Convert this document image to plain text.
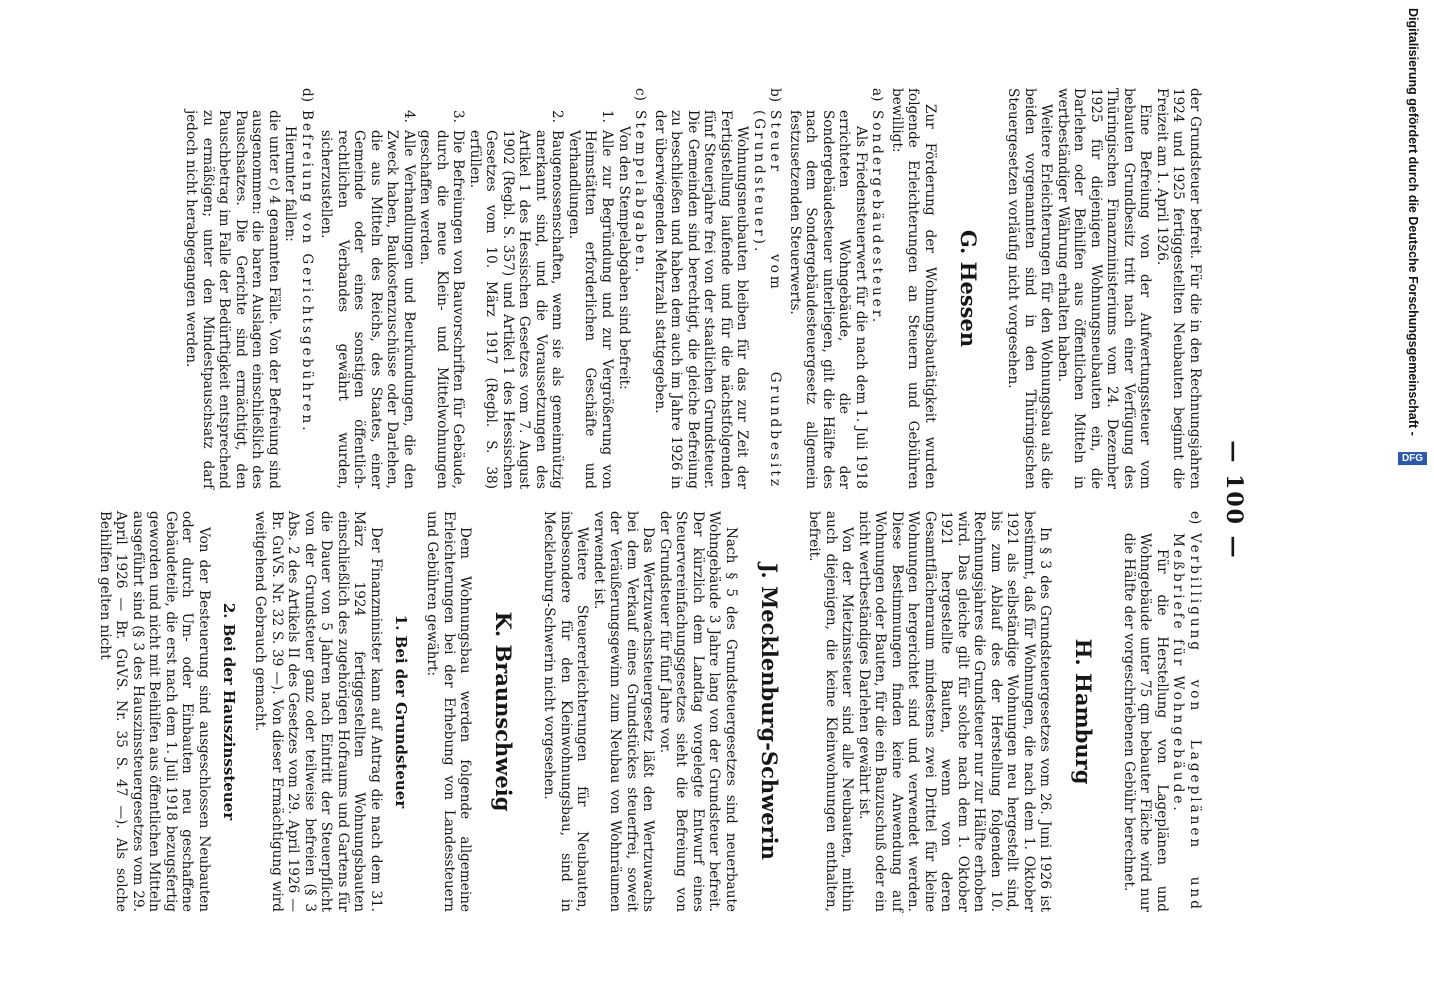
— 100 —

der Grundsteuer befreit. Für die in den Rechnungsjahren 1924 und 1925 fertiggestellten Neubauten beginnt die Freizeit am 1. April 1926.

Eine Befreiung von der Aufwertungssteuer vom bebauten Grundbesitz tritt nach einer Verfügung des Thüringischen Finanzministeriums vom 24. Dezember 1925 für diejenigen Wohnungsneubauten ein, die Darlehen oder Beihilfen aus öffentlichen Mitteln in wertbeständiger Währung erhalten haben.

Weitere Erleichterungen für den Wohnungsbau als die beiden vorgenannten sind in den Thüringischen Steuergesetzen vorläufig nicht vorgesehen.

G. Hessen

Zur Förderung der Wohnungsbautätigkeit wurden folgende Erleichterungen an Steuern und Gebühren bewilligt:

a)
Sondergebäudesteuer.

Als Friedensteuerwert für die nach dem 1. Juli 1918 errichteten Wohngebäude, die der Sondergebäudesteuer unterliegen, gilt die Hälfte des nach dem Sondergebäudesteuergesetz allgemein festzusetzenden Steuerwerts.

b)
Steuer vom Grundbesitz (Grundsteuer).

Wohnungsneubauten bleiben für das zur Zeit der Fertigstellung laufende und für die nächstfolgenden fünf Steuerjahre frei von der staatlichen Grundsteuer. Die Gemeinden sind berechtigt, die gleiche Befreiung zu beschließen und haben dem auch im Jahre 1926 in der überwiegenden Mehrzahl stattgegeben.

c)
Stempelabgaben.

Von den Stempelabgaben sind befreit:

1.
Alle zur Begründung und zur Vergrößerung von Heimstätten erforderlichen Geschäfte und Verhandlungen.
2.
Baugenossenschaften, wenn sie als gemeinnützig anerkannt sind, und die Voraussetzungen des Artikel 1 des Hessischen Gesetzes vom 7. August 1902 (Regbl. S. 357) und Artikel 1 des Hessischen Gesetzes vom 10. März 1917 (Regbl. S. 38) erfüllen.
3.
Die Befreiungen von Bauvorschriften für Gebäude, durch die neue Klein- und Mittelwohnungen geschaffen werden.
4.
Alle Verhandlungen und Beurkundungen, die den Zweck haben, Baukostenzuschüsse oder Darlehen, die aus Mitteln des Reichs, des Staates, einer Gemeinde oder eines sonstigen öffentlich-rechtlichen Verbandes gewährt wurden, sicherzustellen.
d)
Befreiung von Gerichtsgebühren.

Hierunter fallen:

die unter c) 4 genannten Fälle. Von der Befreiung sind ausgenommen: die baren Auslagen einschließlich des Pauschsatzes. Die Gerichte sind ermächtigt, den Pauschbetrag im Falle der Bedürftigkeit entsprechend zu ermäßigen; unter den Mindestpauschsatz darf jedoch nicht herabgegangen werden.

e)
Verbilligung von Lageplänen und Meßbriefe für Wohngebäude.

Für die Herstellung von Lageplänen und Wohngebäude unter 75 qm bebauter Fläche wird nur die Hälfte der vorgeschriebenen Gebühr berechnet.

H. Hamburg

In § 3 des Grundsteuergesetzes vom 26. Juni 1926 ist bestimmt, daß für Wohnungen, die nach dem 1. Oktober 1921 als selbständige Wohnungen neu hergestellt sind, bis zum Ablauf des der Herstellung folgenden 10. Rechnungsjahres die Grundsteuer nur zur Hälfte erhoben wird. Das gleiche gilt für solche nach dem 1. Oktober 1921 hergestellte Bauten, wenn von deren Gesamtflächenraum mindestens zwei Drittel für kleine Wohnungen hergerichtet sind und verwendet werden. Diese Bestimmungen finden keine Anwendung auf Wohnungen oder Bauten, für die ein Bauzuschuß oder ein nicht wertbeständiges Darlehen gewährt ist.

Von der Mietzinssteuer sind alle Neubauten, mithin auch diejenigen, die keine Kleinwohnungen enthalten, befreit.

J. Mecklenburg-Schwerin

Nach § 5 des Grundsteuergesetzes sind neuerbaute Wohngebäude 3 Jahre lang von der Grundsteuer befreit. Der kürzlich dem Landtag vorgelegte Entwurf eines Steuervereinfachungsgesetzes sieht die Befreiung von der Grundsteuer für fünf Jahre vor.

Das Wertzuwachssteuergesetz läßt den Wertzuwachs bei dem Verkauf eines Grundstückes steuerfrei, soweit der Veräußerungsgewinn zum Neubau von Wohnräumen verwendet ist.

Weitere Steuererleichterungen für Neubauten, insbesondere für den Kleinwohnungsbau, sind in Mecklenburg-Schwerin nicht vorgesehen.

K. Braunschweig

Dem Wohnungsbau werden folgende allgemeine Erleichterungen bei der Erhebung von Landessteuern und Gebühren gewährt:

1. Bei der Grundsteuer

Der Finanzminister kann auf Antrag die nach dem 31. März 1924 fertiggestellten Wohnungsbauten einschließlich des zugehörigen Hofraums und Gartens für die Dauer von 5 Jahren nach Eintritt der Steuerpflicht von der Grundsteuer ganz oder teilweise befreien (§ 3 Abs. 2 des Artikels II des Gesetzes vom 29. April 1926 — Br. GuVS. Nr. 32 S. 39 —). Von dieser Ermächtigung wird weitgehend Gebrauch gemacht.

2. Bei der Hauszinssteuer

Von der Besteuerung sind ausgeschlossen Neubauten oder durch Um- oder Einbauten neu geschaffene Gebäudeteile, die erst nach dem 1. Juli 1918 bezugsfertig geworden und nicht mit Beihilfen aus öffentlichen Mitteln ausgeführt sind (§ 3 des Hauszinssteuergesetzes vom 29. April 1926 — Br. GuVS. Nr. 35 S. 47 —). Als solche Beihilfen gelten nicht

Digitalisierung gefördert durch die Deutsche Forschungsgemeinschaft -
DFG
